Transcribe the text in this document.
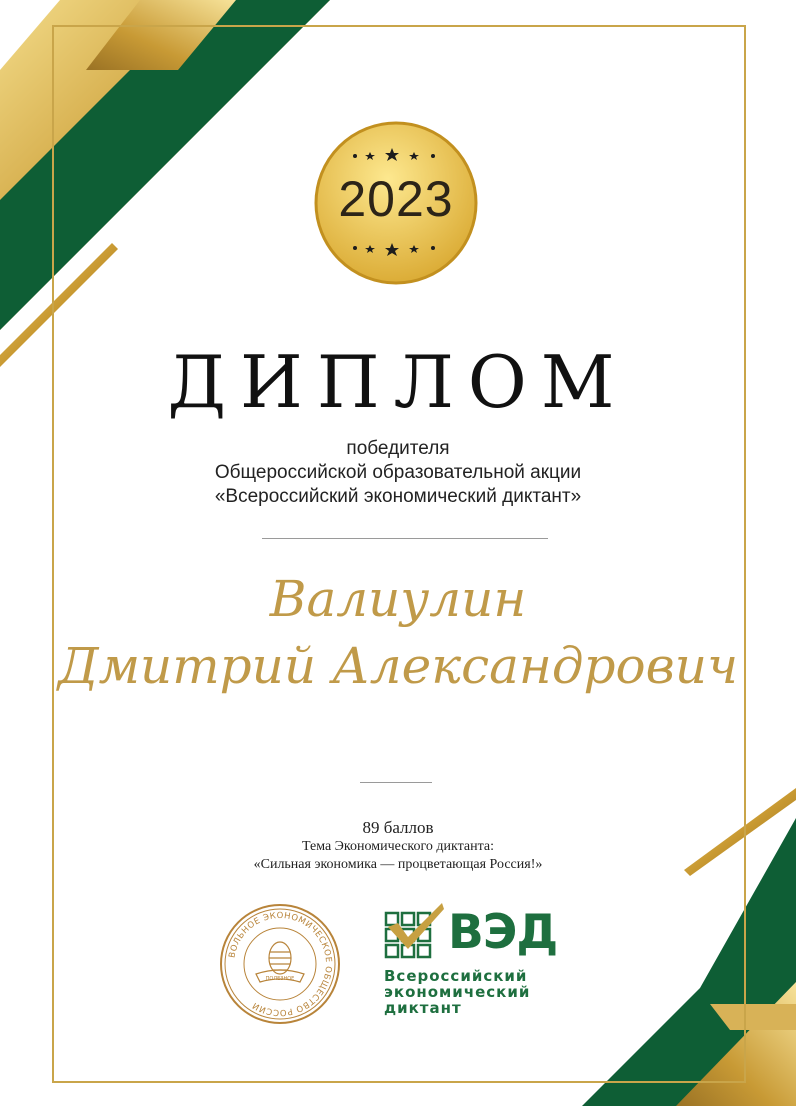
2023
ДИПЛОМ
победителя
Общероссийской образовательной акции
«Всероссийский экономический диктант»
Валиулин
Дмитрий Александрович
89 баллов
Тема Экономического диктанта:
«Сильная экономика — процветающая Россия!»
ВОЛЬНОЕ ЭКОНОМИЧЕСКОЕ ОБЩЕСТВО РОССИИ
ПОЛЕЗНОЕ
ВЭД
Всероссийский
экономический
диктант
